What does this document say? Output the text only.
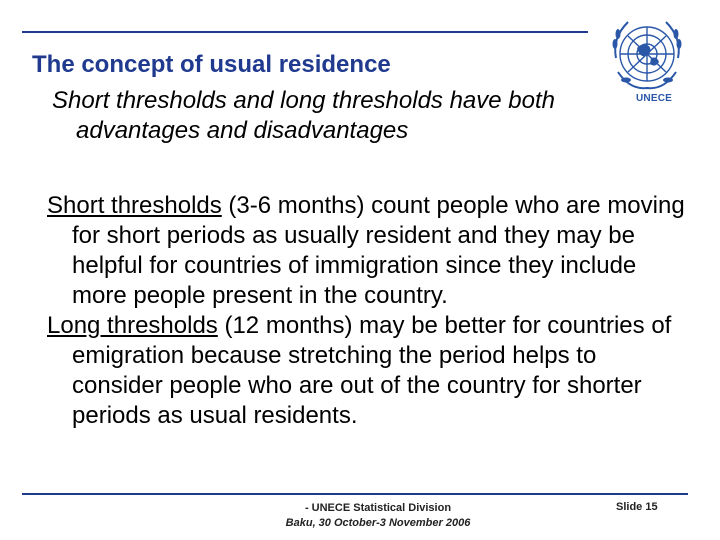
The concept of usual residence
UNECE
Short thresholds and long thresholds have both advantages and disadvantages

Short thresholds (3-6 months) count people who are moving for short periods as usually resident and they may be helpful for countries of immigration since they include more people present in the country.

Long thresholds (12 months) may be better for countries of emigration because stretching the period helps to consider people who are out of the country for shorter periods as usual residents.

- UNECE Statistical Division
Baku, 30 October-3 November 2006
Slide 15
